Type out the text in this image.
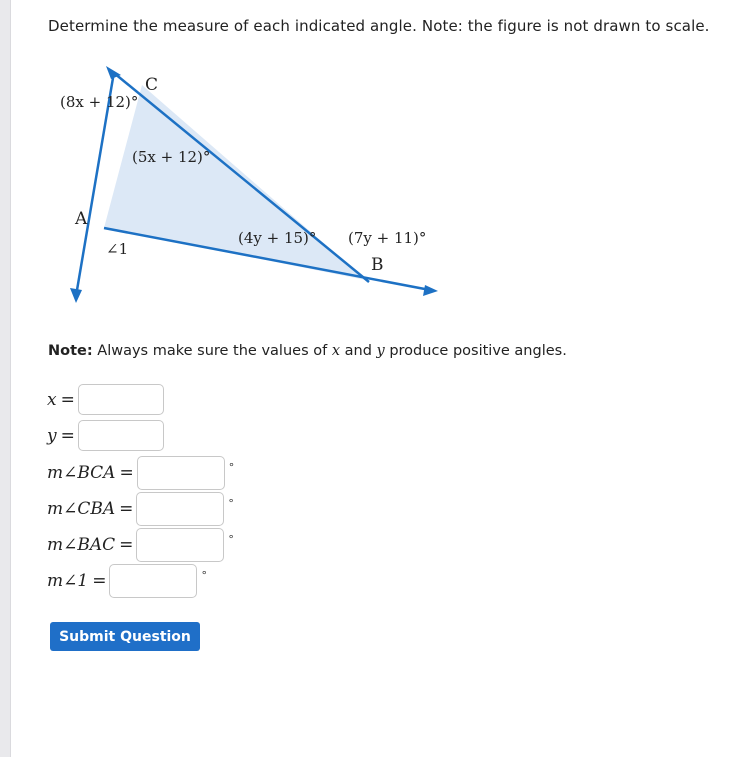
Determine the measure of each indicated angle. Note: the figure is not drawn to scale.
C
A
B
(8x + 12)°
(5x + 12)°
(4y + 15)° (7y + 11)°
∠1
Note: Always make sure the values of x and y produce positive angles.
x =
y =
m∠BCA =	°
m∠CBA =	°
m∠BAC =	°
m∠1 =	°
Submit Question
